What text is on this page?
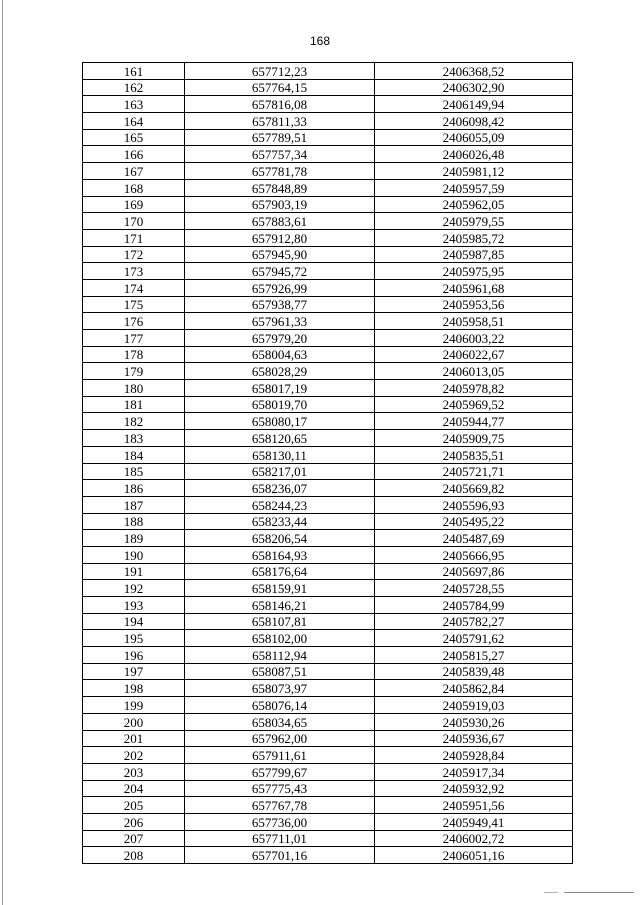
168
161	657712,23	2406368,52
162	657764,15	2406302,90
163	657816,08	2406149,94
164	657811,33	2406098,42
165	657789,51	2406055,09
166	657757,34	2406026,48
167	657781,78	2405981,12
168	657848,89	2405957,59
169	657903,19	2405962,05
170	657883,61	2405979,55
171	657912,80	2405985,72
172	657945,90	2405987,85
173	657945,72	2405975,95
174	657926,99	2405961,68
175	657938,77	2405953,56
176	657961,33	2405958,51
177	657979,20	2406003,22
178	658004,63	2406022,67
179	658028,29	2406013,05
180	658017,19	2405978,82
181	658019,70	2405969,52
182	658080,17	2405944,77
183	658120,65	2405909,75
184	658130,11	2405835,51
185	658217,01	2405721,71
186	658236,07	2405669,82
187	658244,23	2405596,93
188	658233,44	2405495,22
189	658206,54	2405487,69
190	658164,93	2405666,95
191	658176,64	2405697,86
192	658159,91	2405728,55
193	658146,21	2405784,99
194	658107,81	2405782,27
195	658102,00	2405791,62
196	658112,94	2405815,27
197	658087,51	2405839,48
198	658073,97	2405862,84
199	658076,14	2405919,03
200	658034,65	2405930,26
201	657962,00	2405936,67
202	657911,61	2405928,84
203	657799,67	2405917,34
204	657775,43	2405932,92
205	657767,78	2405951,56
206	657736,00	2405949,41
207	657711,01	2406002,72
208	657701,16	2406051,16
